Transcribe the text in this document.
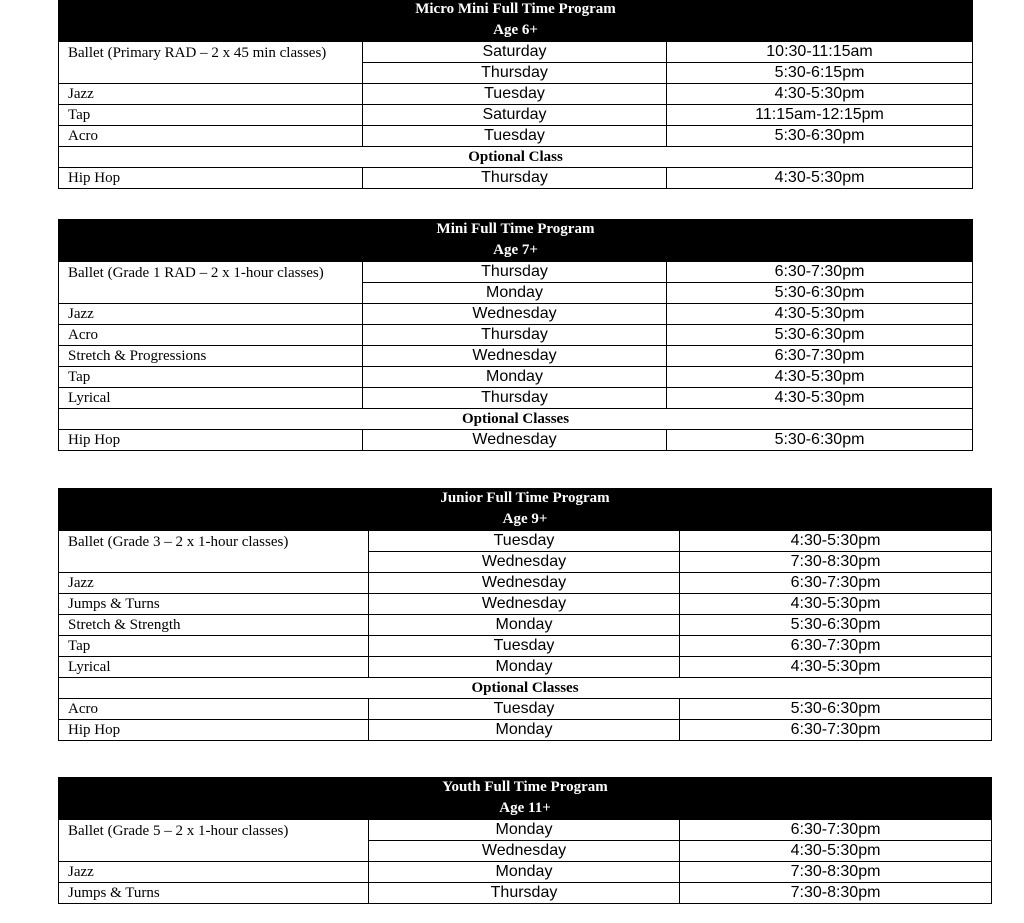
Micro Mini Full Time Program		
Age 6+		
Ballet (Primary RAD – 2 x 45 min classes)	Saturday	10:30-11:15am
	Thursday	5:30-6:15pm
Jazz	Tuesday	4:30-5:30pm
Tap	Saturday	11:15am-12:15pm
Acro	Tuesday	5:30-6:30pm
Optional Class		
Hip Hop	Thursday	4:30-5:30pm
Mini Full Time Program		
Age 7+		
Ballet (Grade 1 RAD – 2 x 1-hour classes)	Thursday	6:30-7:30pm
	Monday	5:30-6:30pm
Jazz	Wednesday	4:30-5:30pm
Acro	Thursday	5:30-6:30pm
Stretch & Progressions	Wednesday	6:30-7:30pm
Tap	Monday	4:30-5:30pm
Lyrical	Thursday	4:30-5:30pm
Optional Classes		
Hip Hop	Wednesday	5:30-6:30pm
Junior Full Time Program		
Age 9+		
Ballet (Grade 3 – 2 x 1-hour classes)	Tuesday	4:30-5:30pm
	Wednesday	7:30-8:30pm
Jazz	Wednesday	6:30-7:30pm
Jumps & Turns	Wednesday	4:30-5:30pm
Stretch & Strength	Monday	5:30-6:30pm
Tap	Tuesday	6:30-7:30pm
Lyrical	Monday	4:30-5:30pm
Optional Classes		
Acro	Tuesday	5:30-6:30pm
Hip Hop	Monday	6:30-7:30pm
Youth Full Time Program		
Age 11+		
Ballet (Grade 5 – 2 x 1-hour classes)	Monday	6:30-7:30pm
	Wednesday	4:30-5:30pm
Jazz	Monday	7:30-8:30pm
Jumps & Turns	Thursday	7:30-8:30pm
